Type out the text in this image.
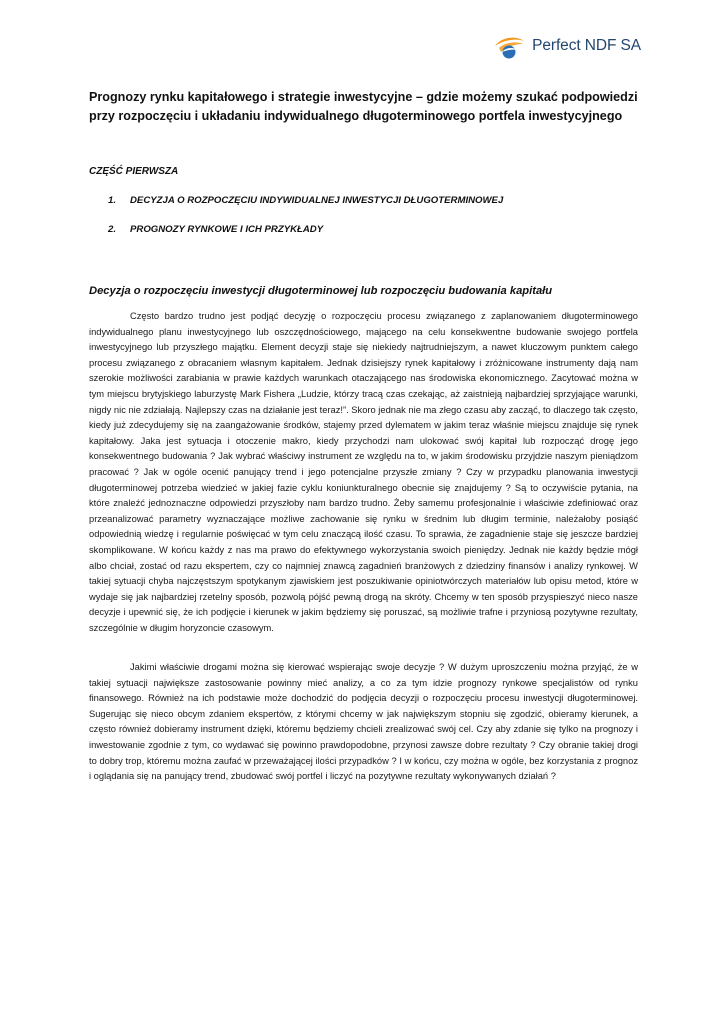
Perfect NDF SA
Prognozy rynku kapitałowego i strategie inwestycyjne – gdzie możemy szukać podpowiedzi przy rozpoczęciu i układaniu indywidualnego długoterminowego portfela inwestycyjnego
CZĘŚĆ PIERWSZA
1.	DECYZJA O ROZPOCZĘCIU INDYWIDUALNEJ INWESTYCJI DŁUGOTERMINOWEJ
2.	PROGNOZY RYNKOWE I ICH PRZYKŁADY
Decyzja o rozpoczęciu inwestycji długoterminowej lub rozpoczęciu budowania kapitału

Często bardzo trudno jest podjąć decyzję o rozpoczęciu procesu związanego z zaplanowaniem długoterminowego indywidualnego planu inwestycyjnego lub oszczędnościowego, mającego na celu konsekwentne budowanie swojego portfela inwestycyjnego lub przyszłego majątku. Element decyzji staje się niekiedy najtrudniejszym, a nawet kluczowym punktem całego procesu związanego z obracaniem własnym kapitałem. Jednak dzisiejszy rynek kapitałowy i zróżnicowane instrumenty dają nam szerokie możliwości zarabiania w prawie każdych warunkach otaczającego nas środowiska ekonomicznego. Zacytować można w tym miejscu brytyjskiego laburzystę Mark Fishera „Ludzie, którzy tracą czas czekając, aż zaistnieją najbardziej sprzyjające warunki, nigdy nic nie zdziałają. Najlepszy czas na działanie jest teraz!”. Skoro jednak nie ma złego czasu aby zacząć, to dlaczego tak często, kiedy już zdecydujemy się na zaangażowanie środków, stajemy przed dylematem w jakim teraz właśnie miejscu znajduje się rynek kapitałowy. Jaka jest sytuacja i otoczenie makro, kiedy przychodzi nam ulokować swój kapitał lub rozpocząć drogę jego konsekwentnego budowania ? Jak wybrać właściwy instrument ze względu na to, w jakim środowisku przyjdzie naszym pieniądzom pracować ? Jak w ogóle ocenić panujący trend i jego potencjalne przyszłe zmiany ? Czy w przypadku planowania inwestycji długoterminowej potrzeba wiedzieć w jakiej fazie cyklu koniunkturalnego obecnie się znajdujemy ? Są to oczywiście pytania, na które znaleźć jednoznaczne odpowiedzi przyszłoby nam bardzo trudno. Żeby samemu profesjonalnie i właściwie zdefiniować oraz przeanalizować parametry wyznaczające możliwe zachowanie się rynku w średnim lub długim terminie, należałoby posiąść odpowiednią wiedzę i regularnie poświęcać w tym celu znaczącą ilość czasu. To sprawia, że zagadnienie staje się jeszcze bardziej skomplikowane. W końcu każdy z nas ma prawo do efektywnego wykorzystania swoich pieniędzy. Jednak nie każdy będzie mógł albo chciał, zostać od razu ekspertem, czy co najmniej znawcą zagadnień branżowych z dziedziny finansów i analizy rynkowej. W takiej sytuacji chyba najczęstszym spotykanym zjawiskiem jest poszukiwanie opiniotwórczych materiałów lub opisu metod, które w wydaje się jak najbardziej rzetelny sposób, pozwolą pójść pewną drogą na skróty. Chcemy w ten sposób przyspieszyć nieco nasze decyzje i upewnić się, że ich podjęcie i kierunek w jakim będziemy się poruszać, są możliwie trafne i przyniosą pozytywne rezultaty, szczególnie w długim horyzoncie czasowym.

Jakimi właściwie drogami można się kierować wspierając swoje decyzje ? W dużym uproszczeniu można przyjąć, że w takiej sytuacji największe zastosowanie powinny mieć analizy, a co za tym idzie prognozy rynkowe specjalistów od rynku finansowego. Również na ich podstawie może dochodzić do podjęcia decyzji o rozpoczęciu procesu inwestycji długoterminowej. Sugerując się nieco obcym zdaniem ekspertów, z którymi chcemy w jak największym stopniu się zgodzić, obieramy kierunek, a często również dobieramy instrument dzięki, któremu będziemy chcieli zrealizować swój cel. Czy aby zdanie się tylko na prognozy i inwestowanie zgodnie z tym, co wydawać się powinno prawdopodobne, przynosi zawsze dobre rezultaty ? Czy obranie takiej drogi to dobry trop, któremu można zaufać w przeważającej ilości przypadków ? I w końcu, czy można w ogóle, bez korzystania z prognoz i oglądania się na panujący trend, zbudować swój portfel i liczyć na pozytywne rezultaty wykonywanych działań ?
